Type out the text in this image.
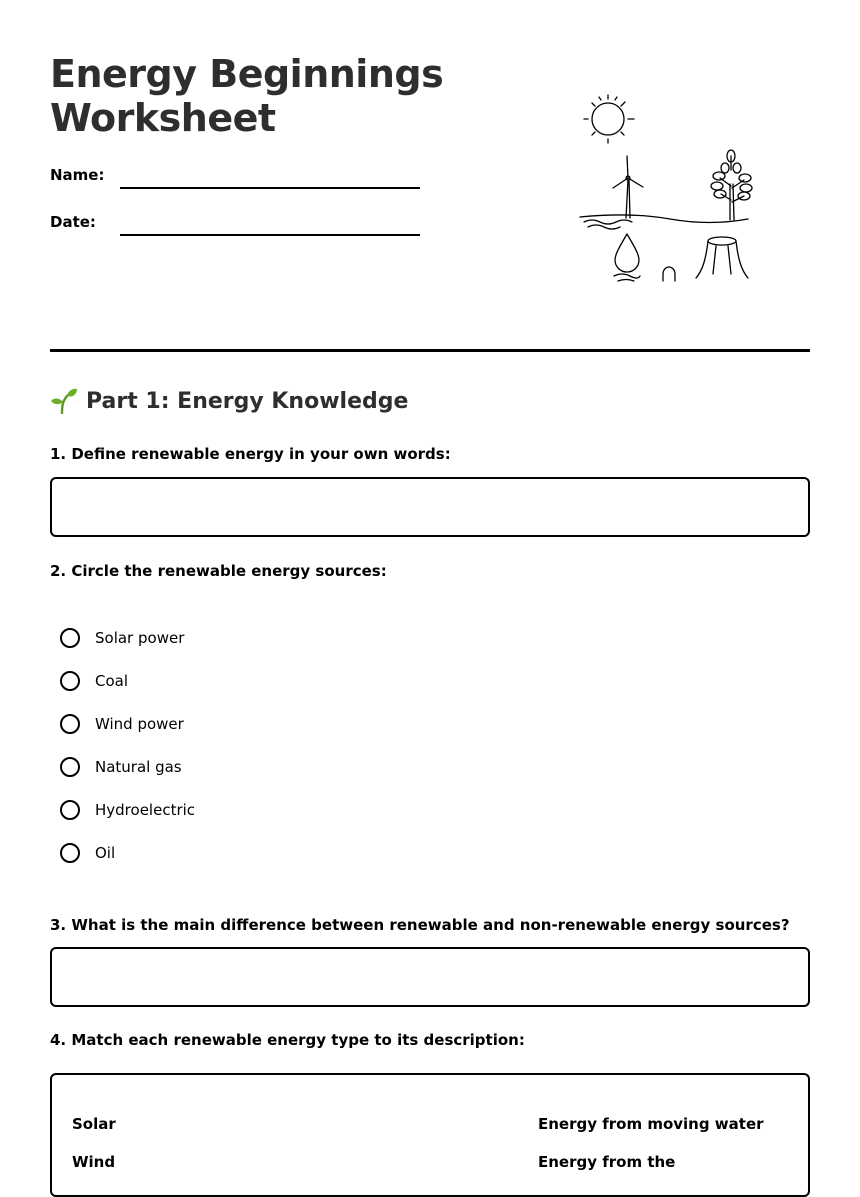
Energy Beginnings
Worksheet
Name:
Date:
Part 1: Energy Knowledge

1. Define renewable energy in your own words:

2. Circle the renewable energy sources:

Solar power
Coal
Wind power
Natural gas
Hydroelectric
Oil

3. What is the main difference between renewable and non-renewable energy sources?

4. Match each renewable energy type to its description:

Solar
Wind
Energy from moving water
Energy from the
